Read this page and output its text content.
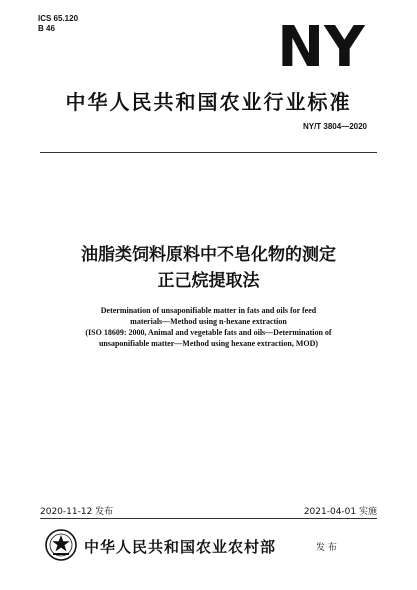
ICS 65.120
B 46	NY
中华人民共和国农业行业标准
NY/T 3804—2020
油脂类饲料原料中不皂化物的测定
正己烷提取法
Determination of unsaponifiable matter in fats and oils for feed
materials—Method using n-hexane extraction
(ISO 18609: 2000, Animal and vegetable fats and oils—Determination of
unsaponifiable matter—Method using hexane extraction, MOD)
2020-11-12 发布	2021-04-01 实施
中华人民共和国农业农村部	发 布
